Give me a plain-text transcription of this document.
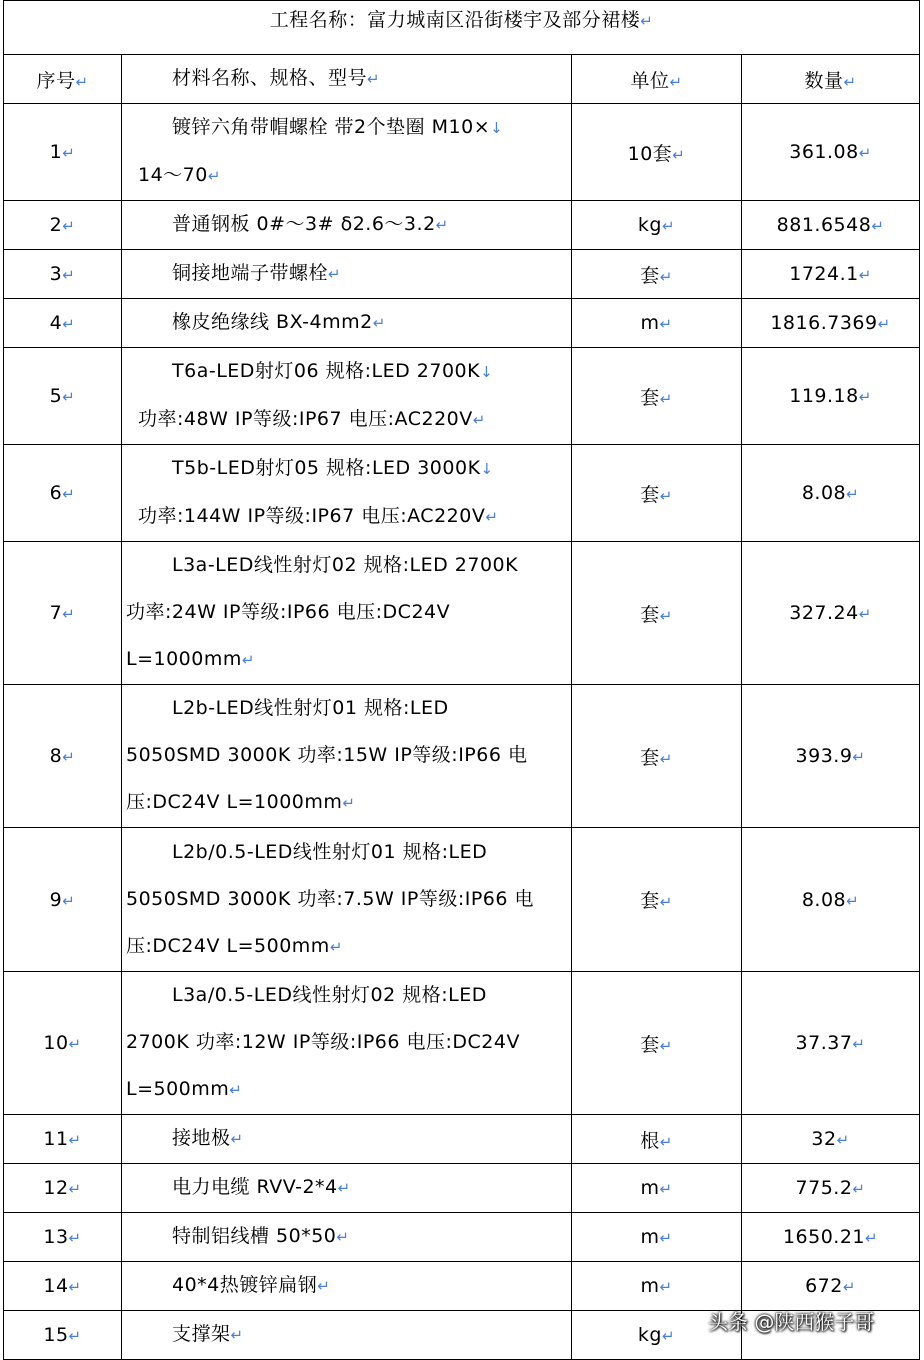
工程名称：富力城南区沿街楼宇及部分裙楼↵			
序号↵	材料名称、规格、型号↵	单位↵	数量↵
1↵	镀锌六角带帽螺栓 带2个垫圈 M10×↓
14～70↵	10套↵	361.08↵
2↵	普通钢板 0#～3# δ2.6～3.2↵	kg↵	881.6548↵
3↵	铜接地端子带螺栓↵	套↵	1724.1↵
4↵	橡皮绝缘线 BX-4mm2↵	m↵	1816.7369↵
5↵	T6a-LED射灯06 规格:LED 2700K↓
功率:48W IP等级:IP67 电压:AC220V↵	套↵	119.18↵
6↵	T5b-LED射灯05 规格:LED 3000K↓
功率:144W IP等级:IP67 电压:AC220V↵	套↵	8.08↵
7↵	L3a-LED线性射灯02 规格:LED 2700K
功率:24W IP等级:IP66 电压:DC24V
L=1000mm↵	套↵	327.24↵
8↵	L2b-LED线性射灯01 规格:LED
5050SMD 3000K 功率:15W IP等级:IP66 电
压:DC24V L=1000mm↵	套↵	393.9↵
9↵	L2b/0.5-LED线性射灯01 规格:LED
5050SMD 3000K 功率:7.5W IP等级:IP66 电
压:DC24V L=500mm↵	套↵	8.08↵
10↵	L3a/0.5-LED线性射灯02 规格:LED
2700K 功率:12W IP等级:IP66 电压:DC24V
L=500mm↵	套↵	37.37↵
11↵	接地极↵	根↵	32↵
12↵	电力电缆 RVV-2*4↵	m↵	775.2↵
13↵	特制铝线槽 50*50↵	m↵	1650.21↵
14↵	40*4热镀锌扁钢↵	m↵	672↵
15↵	支撑架↵	kg↵	
头条 @陕西猴子哥
